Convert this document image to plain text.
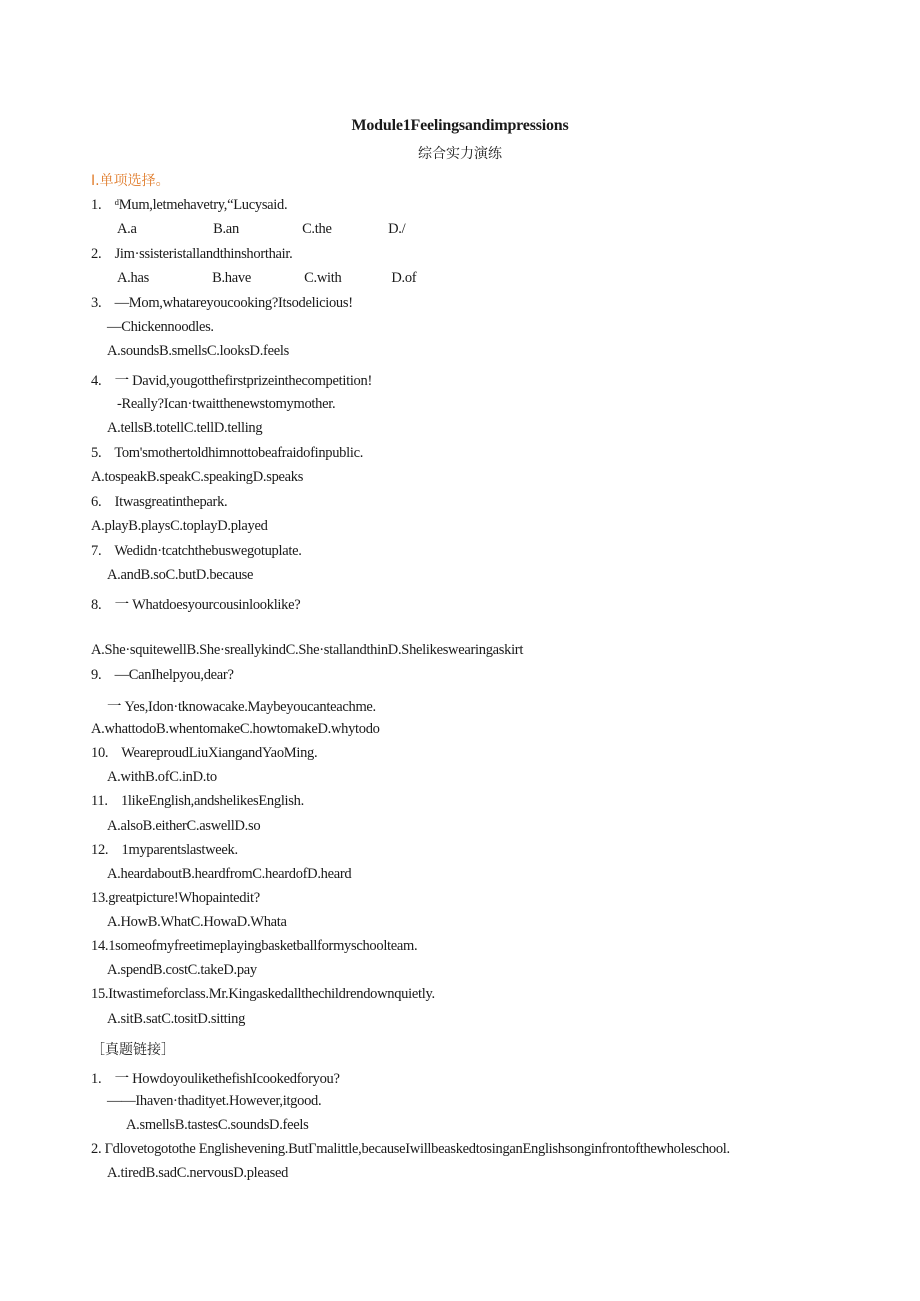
Module1Feelingsandimpressions
综合实力演练
Ⅰ.单项选择。
1.    ᵈMum,letmehavetry,“Lucysaid.
A.a                       B.an                   C.the                 D./
2.    Jim·ssisteristallandthinshorthair.
A.has                   B.have                C.with               D.of
3.    —Mom,whatareyoucooking?Itsodelicious!
—Chickennoodles.
A.soundsB.smellsC.looksD.feels
4.    一 David,yougotthefirstprizeinthecompetition!
-Really?Ican·twaitthenewstomymother.
A.tellsB.totellC.tellD.telling
5.    Tom'smothertoldhimnottobeafraidofinpublic.
A.tospeakB.speakC.speakingD.speaks
6.    Itwasgreatinthepark.
A.playB.playsC.toplayD.played
7.    Wedidn·tcatchthebuswegotuplate.
A.andB.soC.butD.because
8.    一 Whatdoesyourcousinlooklike?
A.She·squitewellB.She·sreallykindC.She·stallandthinD.Shelikeswearingaskirt
9.    —CanIhelpyou,dear?
一 Yes,Idon·tknowacake.Maybeyoucanteachme.
A.whattodoB.whentomakeC.howtomakeD.whytodo
10.    WeareproudLiuXiangandYaoMing.
A.withB.ofC.inD.to
11.    1likeEnglish,andshelikesEnglish.
A.alsoB.eitherC.aswellD.so
12.    1myparentslastweek.
A.heardaboutB.heardfromC.heardofD.heard
13.greatpicture!Whopaintedit?
A.HowB.WhatC.HowaD.Whata
14.1someofmyfreetimeplayingbasketballformyschoolteam.
A.spendB.costC.takeD.pay
15.Itwastimeforclass.Mr.Kingaskedallthechildrendownquietly.
A.sitB.satC.tositD.sitting
［真题链接］
1.    一 HowdoyoulikethefishIcookedforyou?
——Ihaven·thadityet.However,itgood.
A.smellsB.tastesC.soundsD.feels
2. Γdlovetogotothe Englishevening.ButΓmalittle,becauseIwillbeaskedtosinganEnglishsonginfrontofthewholeschool.
A.tiredB.sadC.nervousD.pleased
